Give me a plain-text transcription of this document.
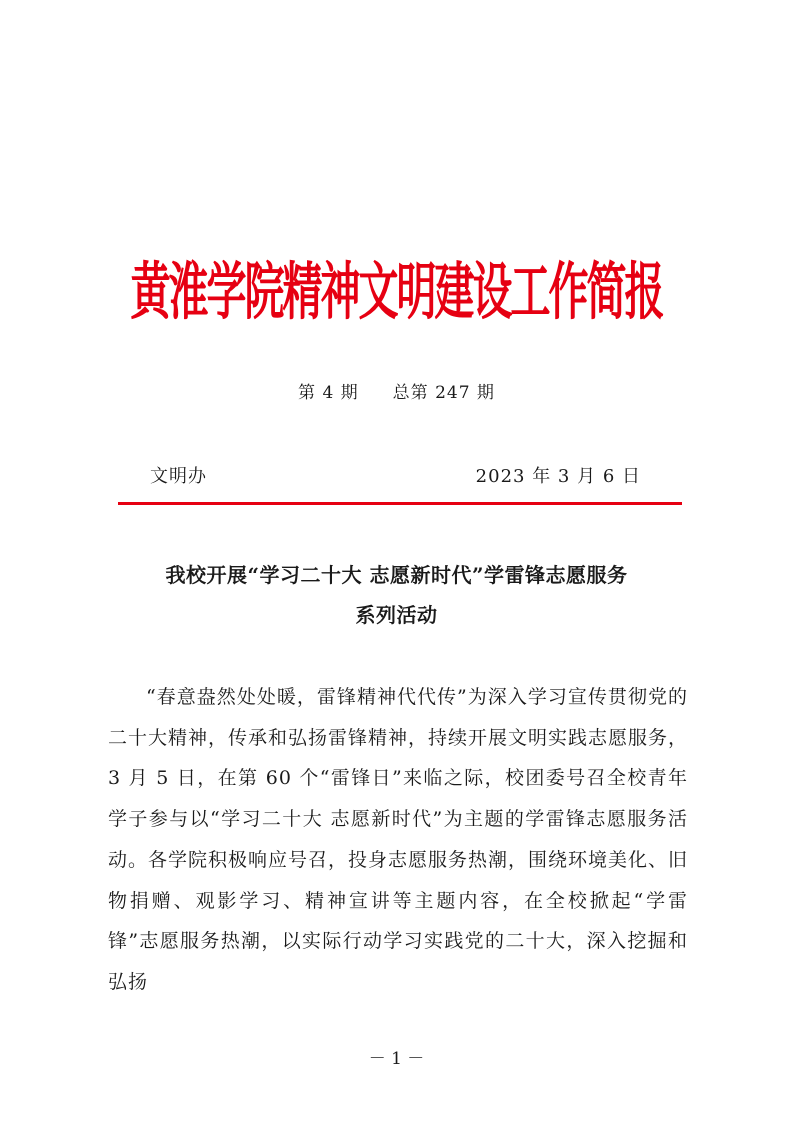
黄淮学院精神文明建设工作简报
第 4 期 总第 247 期
文明办	2023 年 3 月 6 日
我校开展“学习二十大 志愿新时代”学雷锋志愿服务
系列活动
“春意盎然处处暖，雷锋精神代代传”为深入学习宣传贯彻党的二十大精神，传承和弘扬雷锋精神，持续开展文明实践志愿服务，3 月 5 日，在第 60 个“雷锋日”来临之际，校团委号召全校青年学子参与以“学习二十大 志愿新时代”为主题的学雷锋志愿服务活动。各学院积极响应号召，投身志愿服务热潮，围绕环境美化、旧物捐赠、观影学习、精神宣讲等主题内容，在全校掀起“学雷锋”志愿服务热潮，以实际行动学习实践党的二十大，深入挖掘和弘扬
－ 1 －
